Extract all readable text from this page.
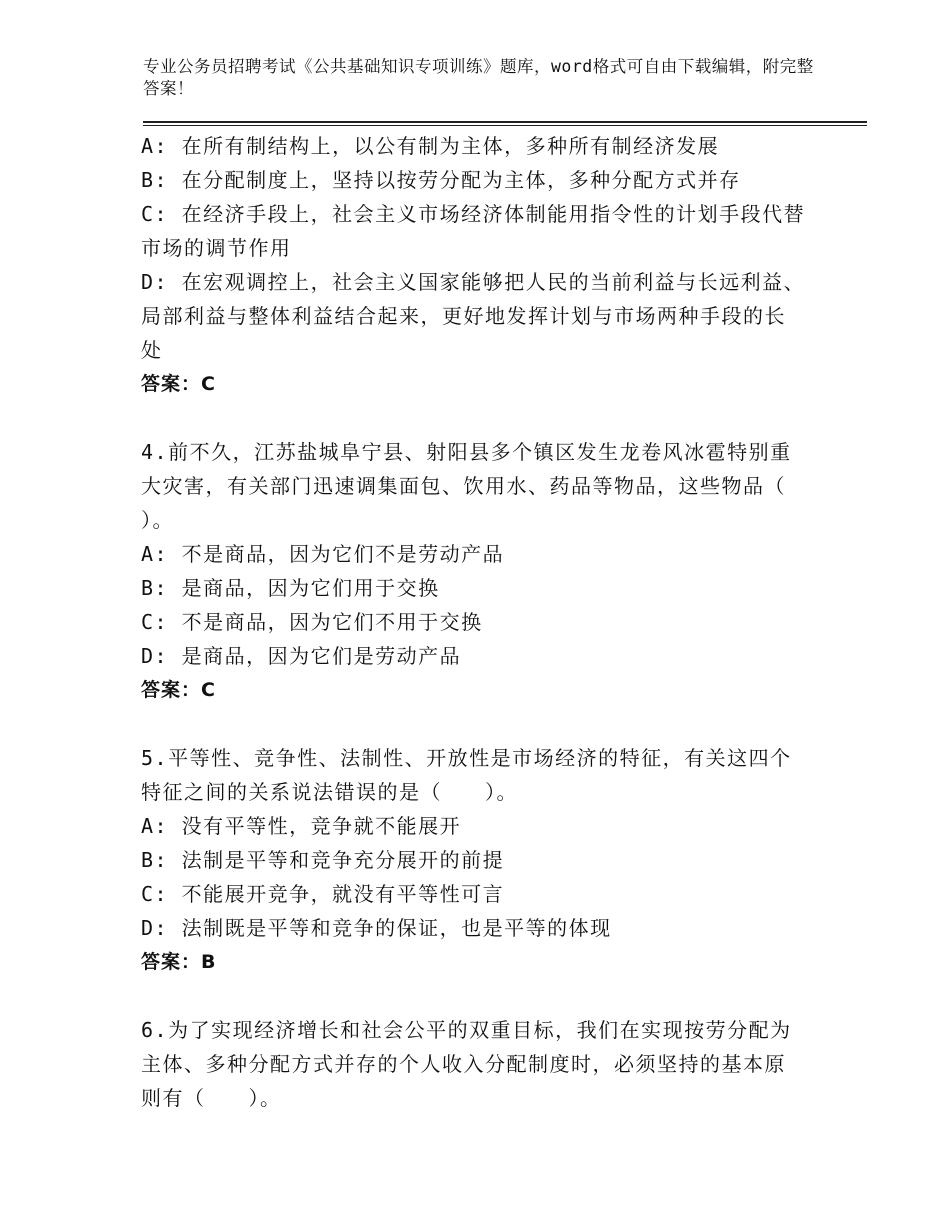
专业公务员招聘考试《公共基础知识专项训练》题库，word格式可自由下载编辑，附完整答案！
A: 在所有制结构上，以公有制为主体，多种所有制经济发展
B: 在分配制度上，坚持以按劳分配为主体，多种分配方式并存
C: 在经济手段上，社会主义市场经济体制能用指令性的计划手段代替
市场的调节作用
D: 在宏观调控上，社会主义国家能够把人民的当前利益与长远利益、
局部利益与整体利益结合起来，更好地发挥计划与市场两种手段的长
处
答案：C
4.前不久，江苏盐城阜宁县、射阳县多个镇区发生龙卷风冰雹特别重
大灾害，有关部门迅速调集面包、饮用水、药品等物品，这些物品（
）。
A: 不是商品，因为它们不是劳动产品
B: 是商品，因为它们用于交换
C: 不是商品，因为它们不用于交换
D: 是商品，因为它们是劳动产品
答案：C
5.平等性、竞争性、法制性、开放性是市场经济的特征，有关这四个
特征之间的关系说法错误的是（　　）。
A: 没有平等性，竞争就不能展开
B: 法制是平等和竞争充分展开的前提
C: 不能展开竞争，就没有平等性可言
D: 法制既是平等和竞争的保证，也是平等的体现
答案：B
6.为了实现经济增长和社会公平的双重目标，我们在实现按劳分配为
主体、多种分配方式并存的个人收入分配制度时，必须坚持的基本原
则有（　　）。
